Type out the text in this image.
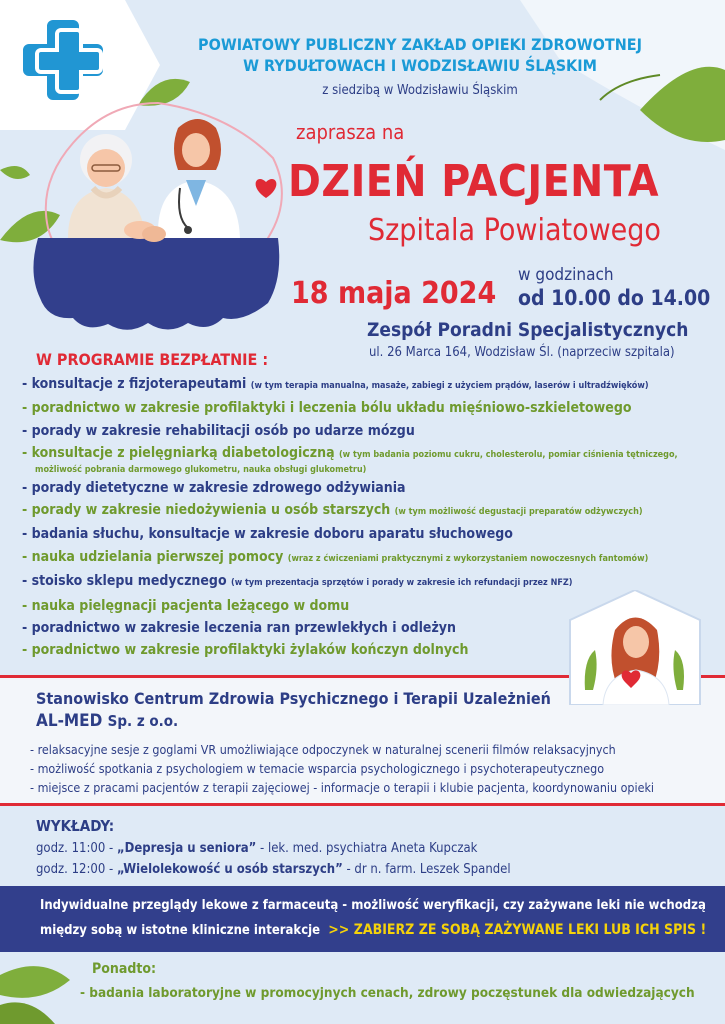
POWIATOWY PUBLICZNY ZAKŁAD OPIEKI ZDROWOTNEJ
W RYDUŁTOWACH I WODZISŁAWIU ŚLĄSKIM
z siedzibą w Wodzisławiu Śląskim
zaprasza na
DZIEŃ PACJENTA
Szpitala Powiatowego
18 maja 2024
w godzinach
od 10.00 do 14.00
Zespół Poradni Specjalistycznych
ul. 26 Marca 164, Wodzisław Śl. (naprzeciw szpitala)
W PROGRAMIE BEZPŁATNIE :
- konsultacje z fizjoterapeutami (w tym terapia manualna, masaże, zabiegi z użyciem prądów, laserów i ultradźwięków)
- poradnictwo w zakresie profilaktyki i leczenia bólu układu mięśniowo-szkieletowego
- porady w zakresie rehabilitacji osób po udarze mózgu
- konsultacje z pielęgniarką diabetologiczną (w tym badania poziomu cukru, cholesterolu, pomiar ciśnienia tętniczego,
możliwość pobrania darmowego glukometru, nauka obsługi glukometru)
- porady dietetyczne w zakresie zdrowego odżywiania
- porady w zakresie niedożywienia u osób starszych (w tym możliwość degustacji preparatów odżywczych)
- badania słuchu, konsultacje w zakresie doboru aparatu słuchowego
- nauka udzielania pierwszej pomocy (wraz z ćwiczeniami praktycznymi z wykorzystaniem nowoczesnych fantomów)
- stoisko sklepu medycznego (w tym prezentacja sprzętów i porady w zakresie ich refundacji przez NFZ)
- nauka pielęgnacji pacjenta leżącego w domu
- poradnictwo w zakresie leczenia ran przewlekłych i odleżyn
- poradnictwo w zakresie profilaktyki żylaków kończyn dolnych
Stanowisko Centrum Zdrowia Psychicznego i Terapii Uzależnień
AL-MED Sp. z o.o.
- relaksacyjne sesje z goglami VR umożliwiające odpoczynek w naturalnej scenerii filmów relaksacyjnych
- możliwość spotkania z psychologiem w temacie wsparcia psychologicznego i psychoterapeutycznego
- miejsce z pracami pacjentów z terapii zajęciowej - informacje o terapii i klubie pacjenta, koordynowaniu opieki
WYKŁADY:
godz. 11:00 - „Depresja u seniora” - lek. med. psychiatra Aneta Kupczak
godz. 12:00 - „Wielolekowość u osób starszych” - dr n. farm. Leszek Spandel
Indywidualne przeglądy lekowe z farmaceutą - możliwość weryfikacji, czy zażywane leki nie wchodzą
między sobą w istotne kliniczne interakcje >> ZABIERZ ZE SOBĄ ZAŻYWANE LEKI LUB ICH SPIS !
Ponadto:
- badania laboratoryjne w promocyjnych cenach, zdrowy poczęstunek dla odwiedzających
